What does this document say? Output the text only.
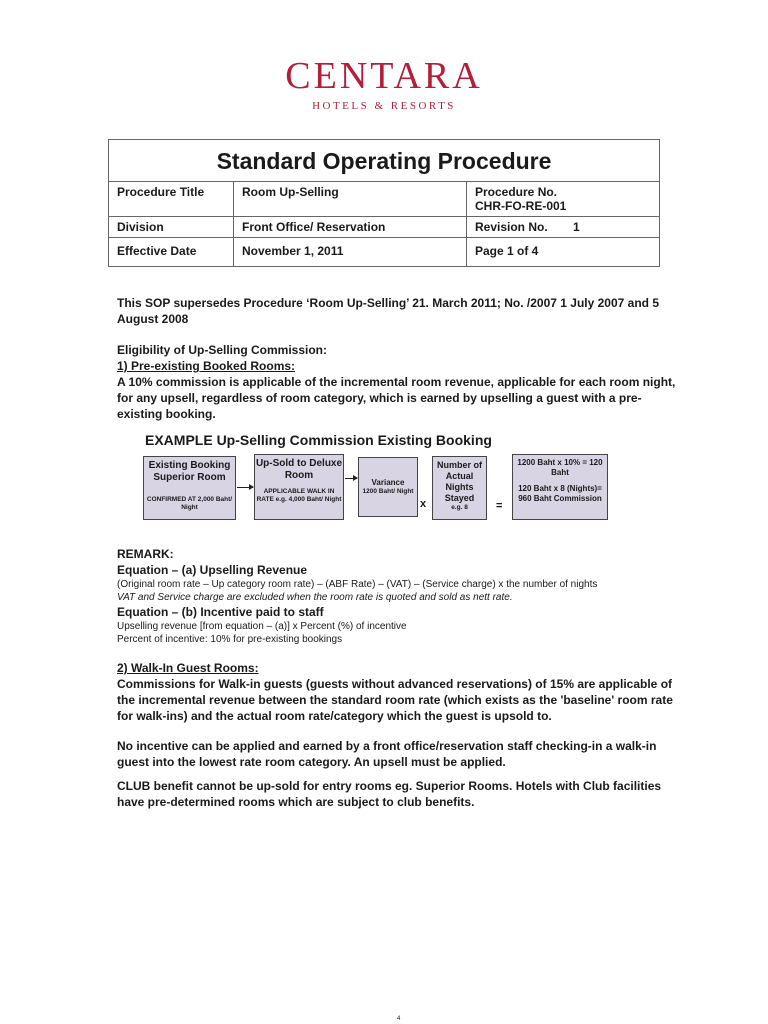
CENTARA
HOTELS & RESORTS
Standard Operating Procedure		
Procedure Title	Room Up-Selling	Procedure No.
CHR-FO-RE-001

Division	Front Office/ Reservation	Revision No. 1
Effective Date	November 1, 2011	Page 1 of 4
This SOP supersedes Procedure ‘Room Up-Selling’ 21. March 2011; No. /2007 1 July 2007 and 5 August 2008
Eligibility of Up-Selling Commission:
1) Pre-existing Booked Rooms:
A 10% commission is applicable of the incremental room revenue, applicable for each room night, for any upsell, regardless of room category, which is earned by upselling a guest with a pre-existing booking.
EXAMPLE Up-Selling Commission Existing Booking
Existing Booking Superior Room
CONFIRMED AT 2,000 Baht/ Night
Up-Sold to Deluxe Room
APPLICABLE WALK IN RATE e.g. 4,000 Baht/ Night
Variance
1200 Baht/ Night
x
Number of Actual Nights Stayed
e.g. 8	=
1200 Baht x 10% = 120 Baht
120 Baht x 8 (Nights)= 960 Baht Commission
REMARK:
Equation – (a) Upselling Revenue
(Original room rate – Up category room rate) – (ABF Rate) – (VAT) – (Service charge) x the number of nights
VAT and Service charge are excluded when the room rate is quoted and sold as nett rate.
Equation – (b) Incentive paid to staff
Upselling revenue [from equation – (a)] x Percent (%) of incentive
Percent of incentive: 10% for pre-existing bookings
2) Walk-In Guest Rooms:
Commissions for Walk-in guests (guests without advanced reservations) of 15% are applicable of the incremental revenue between the standard room rate (which exists as the 'baseline' room rate for walk-ins) and the actual room rate/category which the guest is upsold to.
No incentive can be applied and earned by a front office/reservation staff checking-in a walk-in guest into the lowest rate room category. An upsell must be applied.
CLUB benefit cannot be up-sold for entry rooms eg. Superior Rooms. Hotels with Club facilities have pre-determined rooms which are subject to club benefits.
4
